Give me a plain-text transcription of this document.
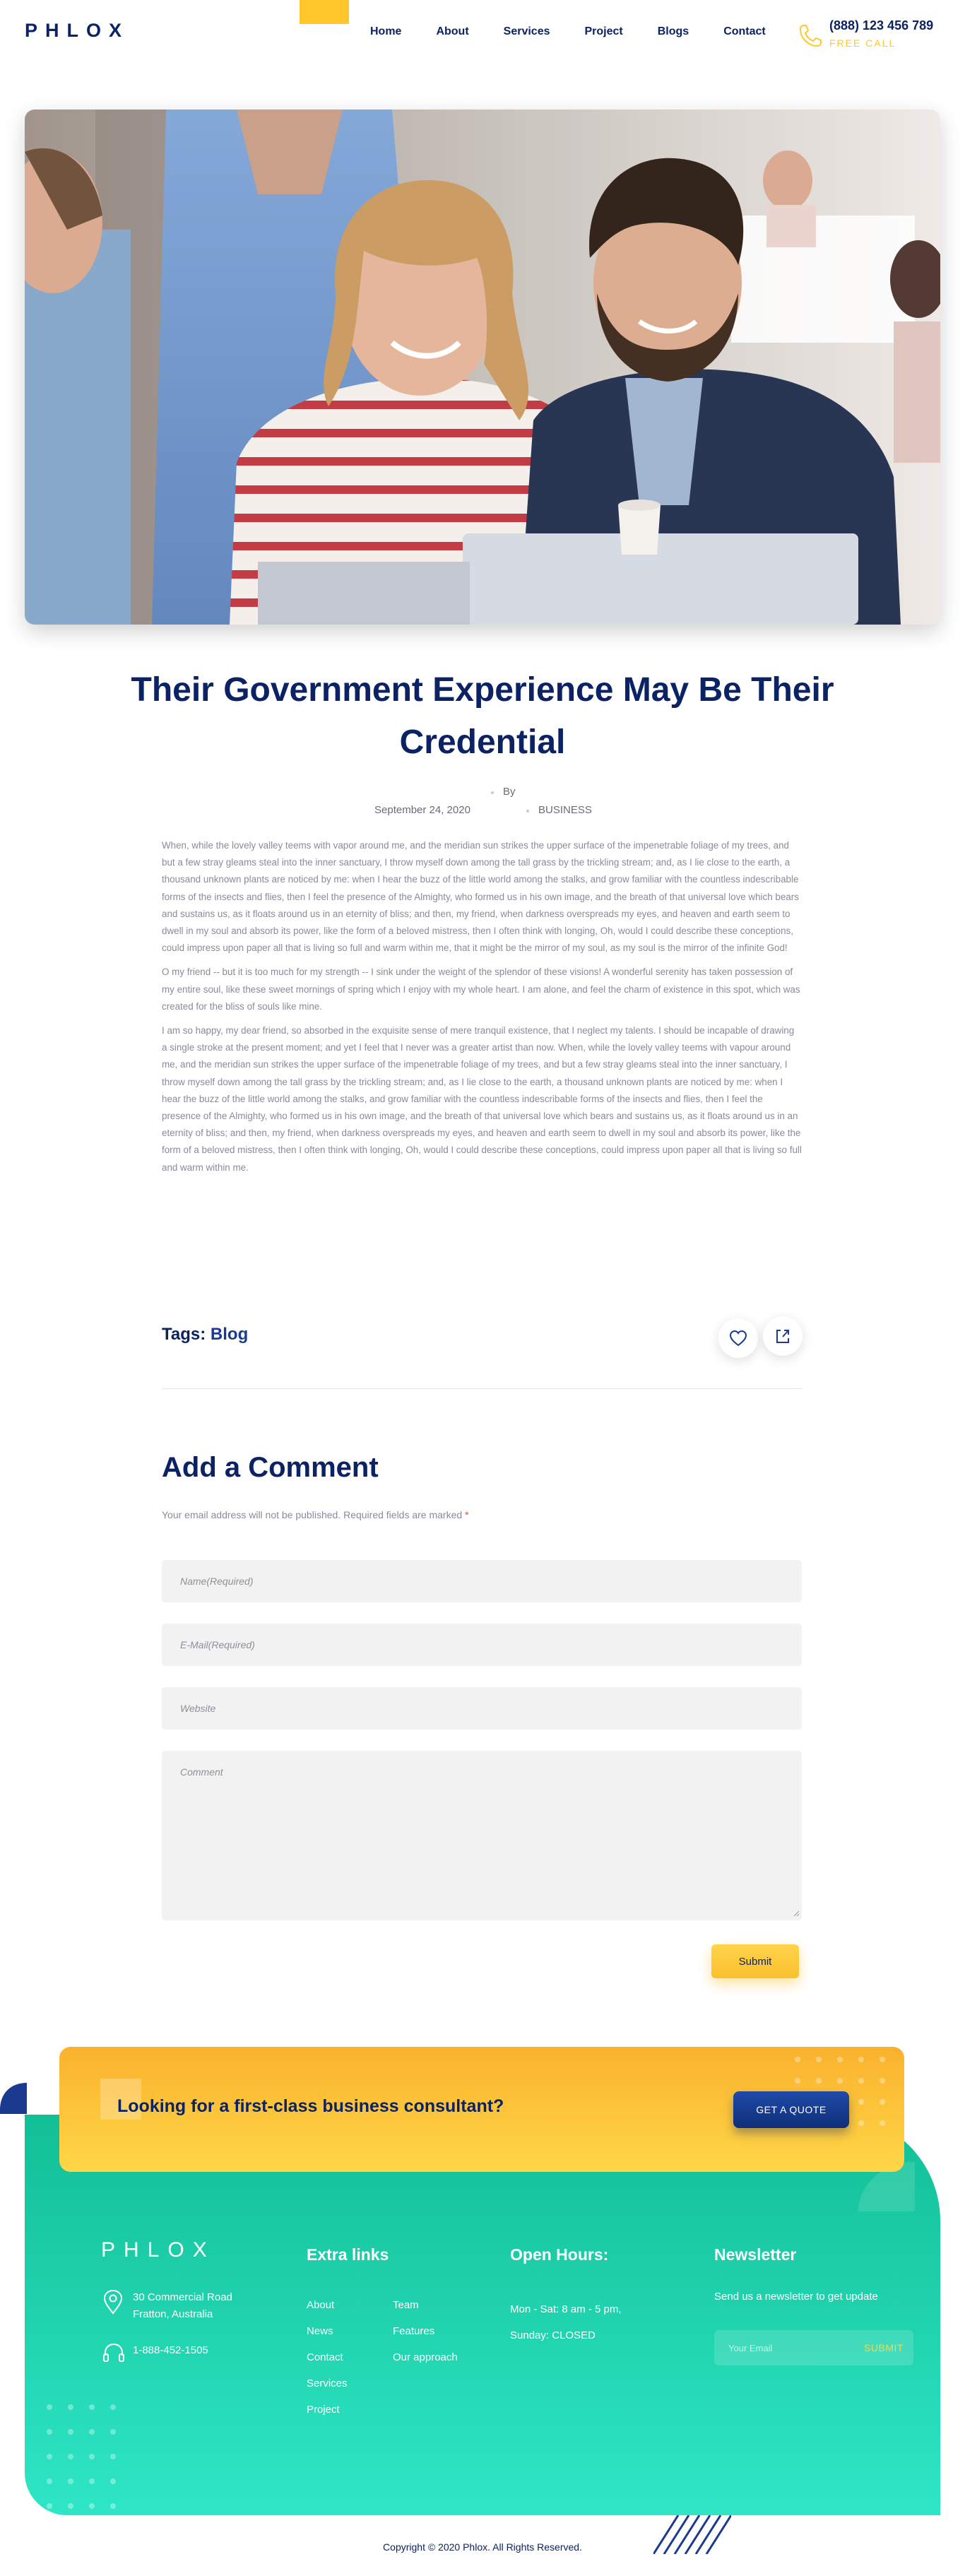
PHLOX	Home	About	Services	Project	Blogs	Contact	(888) 123 456 789
FREE CALL
Their Government Experience May Be Their Credential
By
September 24, 2020	BUSINESS

When, while the lovely valley teems with vapor around me, and the meridian sun strikes the upper surface of the impenetrable foliage of my trees, and but a few stray gleams steal into the inner sanctuary, I throw myself down among the tall grass by the trickling stream; and, as I lie close to the earth, a thousand unknown plants are noticed by me: when I hear the buzz of the little world among the stalks, and grow familiar with the countless indescribable forms of the insects and flies, then I feel the presence of the Almighty, who formed us in his own image, and the breath of that universal love which bears and sustains us, as it floats around us in an eternity of bliss; and then, my friend, when darkness overspreads my eyes, and heaven and earth seem to dwell in my soul and absorb its power, like the form of a beloved mistress, then I often think with longing, Oh, would I could describe these conceptions, could impress upon paper all that is living so full and warm within me, that it might be the mirror of my soul, as my soul is the mirror of the infinite God!

O my friend -- but it is too much for my strength -- I sink under the weight of the splendor of these visions! A wonderful serenity has taken possession of my entire soul, like these sweet mornings of spring which I enjoy with my whole heart. I am alone, and feel the charm of existence in this spot, which was created for the bliss of souls like mine.

I am so happy, my dear friend, so absorbed in the exquisite sense of mere tranquil existence, that I neglect my talents. I should be incapable of drawing a single stroke at the present moment; and yet I feel that I never was a greater artist than now. When, while the lovely valley teems with vapour around me, and the meridian sun strikes the upper surface of the impenetrable foliage of my trees, and but a few stray gleams steal into the inner sanctuary, I throw myself down among the tall grass by the trickling stream; and, as I lie close to the earth, a thousand unknown plants are noticed by me: when I hear the buzz of the little world among the stalks, and grow familiar with the countless indescribable forms of the insects and flies, then I feel the presence of the Almighty, who formed us in his own image, and the breath of that universal love which bears and sustains us, as it floats around us in an eternity of bliss; and then, my friend, when darkness overspreads my eyes, and heaven and earth seem to dwell in my soul and absorb its power, like the form of a beloved mistress, then I often think with longing, Oh, would I could describe these conceptions, could impress upon paper all that is living so full and warm within me.

Tags: Blog
Add a Comment
Your email address will not be published. Required fields are marked *
Name(Required)
E-Mail(Required)
Website
Comment
Submit
Looking for a first-class business consultant?	GET A QUOTE
PHLOX
30 Commercial Road
Fratton, Australia
1-888-452-1505
Extra links
About
News
Contact
Services
Project
Team
Features
Our approach
Open Hours:
Mon - Sat: 8 am - 5 pm,
Sunday: CLOSED
Newsletter
Send us a newsletter to get update
Your Email
SUBMIT
Copyright © 2020 Phlox. All Rights Reserved.
